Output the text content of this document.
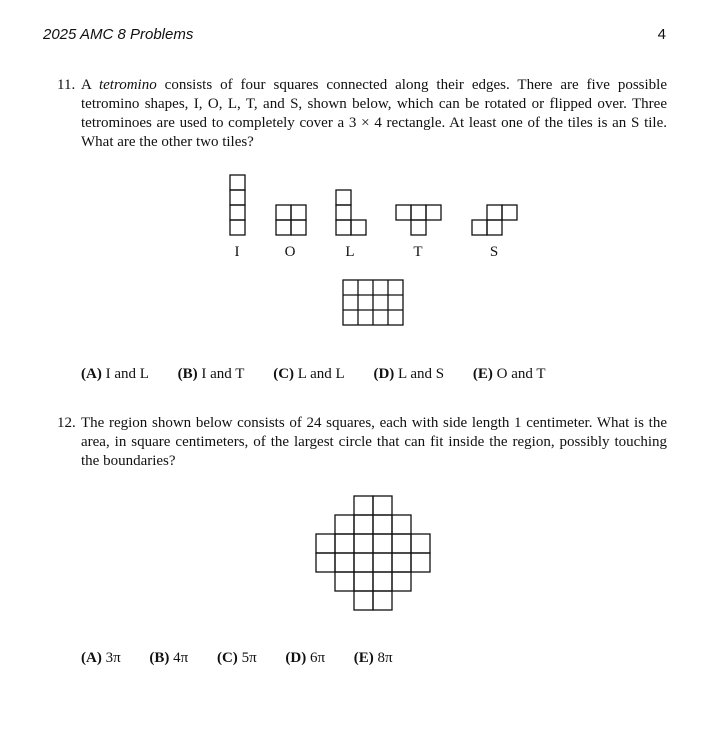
2025 AMC 8 Problems	4
11. A tetromino consists of four squares connected along their edges. There are five possible tetromino shapes, I, O, L, T, and S, shown below, which can be rotated or flipped over. Three tetrominoes are used to completely cover a 3 × 4 rectangle. At least one of the tiles is an S tile. What are the other two tiles?
I	O	L	T	S
(A) I and L (B) I and T (C) L and L (D) L and S (E) O and T
12. The region shown below consists of 24 squares, each with side length 1 centimeter. What is the area, in square centimeters, of the largest circle that can fit inside the region, possibly touching the boundaries?
(A) 3π (B) 4π (C) 5π (D) 6π (E) 8π
